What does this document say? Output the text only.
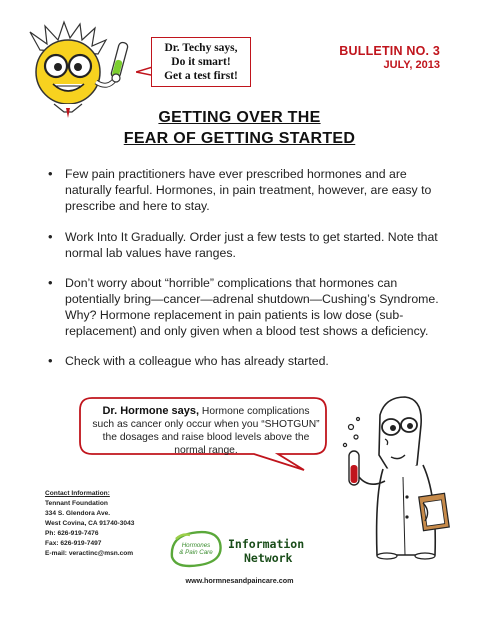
Dr. Techy says,
Do it smart!
Get a test first!
BULLETIN NO. 3
JULY, 2013
GETTING OVER THE
FEAR OF GETTING STARTED
• Few pain practitioners have ever prescribed hormones and are naturally fearful. Hormones, in pain treatment, however, are easy to prescribe and here to stay.
• Work Into It Gradually. Order just a few tests to get started. Note that normal lab values have ranges.
• Don’t worry about “horrible” complications that hormones can potentially bring—cancer—adrenal shutdown—Cushing’s Syndrome. Why? Hormone replacement in pain patients is low dose (sub-replacement) and only given when a blood test shows a deficiency.
• Check with a colleague who has already started.
Dr. Hormone says, Hormone complications such as cancer only occur when you “SHOTGUN” the dosages and raise blood levels above the normal range.
Contact Information:
Tennant Foundation
334 S. Glendora Ave.
West Covina, CA 91740-3043
Ph: 626-919-7476
Fax: 626-919-7497
E-mail: veractinc@msn.com
Hormones
& Pain Care
Information
Network
www.hormnesandpaincare.com
